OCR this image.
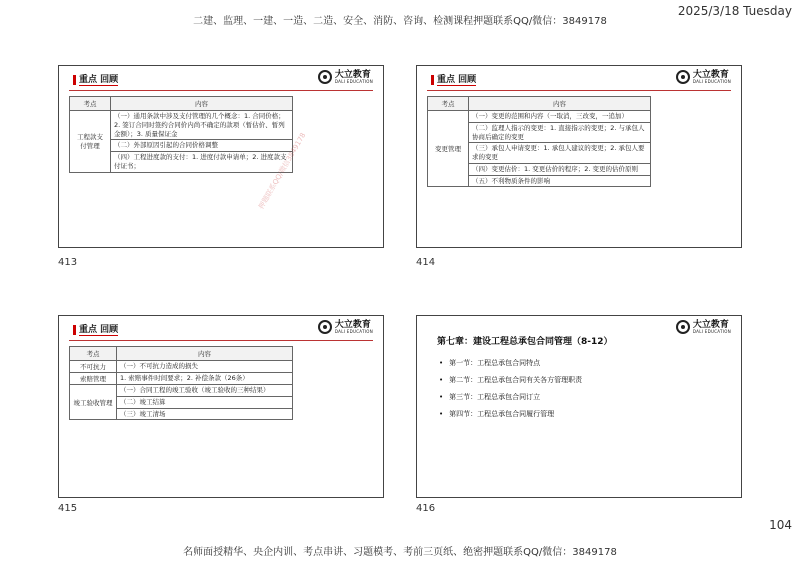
二建、监理、一建、一造、二造、安全、消防、咨询、检测课程押题联系QQ/微信：3849178
2025/3/18 Tuesday
重点 回顾
大立教育
DALI EDUCATION
考点	内容
工程款支付管理	（一）通用条款中涉及支付管理的几个概念：1. 合同价格；2. 签订合同时签约合同价内尚不确定的款项（暂估价、暂列金额）；3. 质量保证金
	（二）外部原因引起的合同价格调整
	（四）工程进度款的支付：1. 进度付款申请单；2. 进度款支付证书；	押题联系QQ/微信3849178
413
重点 回顾
大立教育
DALI EDUCATION
考点	内容
变更管理	（一）变更的范围和内容（一取消，三改变，一追加）
	（二）监理人指示的变更：1. 直接指示的变更；2. 与承包人协商后确定的变更
	（三）承包人申请变更：1. 承包人建议的变更；2. 承包人要求的变更
	（四）变更估价：1. 变更估价的程序；2. 变更的估价原则
	（五）不利物质条件的影响
414
重点 回顾
大立教育
DALI EDUCATION
考点	内容
不可抗力	（一）不可抗力造成的损失
索赔管理	1. 索赔事件时间要求；2. 补偿条款（26条）
竣工验收管理	（一）合同工程的竣工验收（竣工验收的三种结果）
	（二）竣工结算
	（三）竣工清场
415
大立教育
DALI EDUCATION
第七章：建设工程总承包合同管理（8-12）
• 第一节：工程总承包合同特点
• 第二节：工程总承包合同有关各方管理职责
• 第三节：工程总承包合同订立
• 第四节：工程总承包合同履行管理
416
104
名师面授精华、央企内训、考点串讲、习题模考、考前三页纸、绝密押题联系QQ/微信：3849178
